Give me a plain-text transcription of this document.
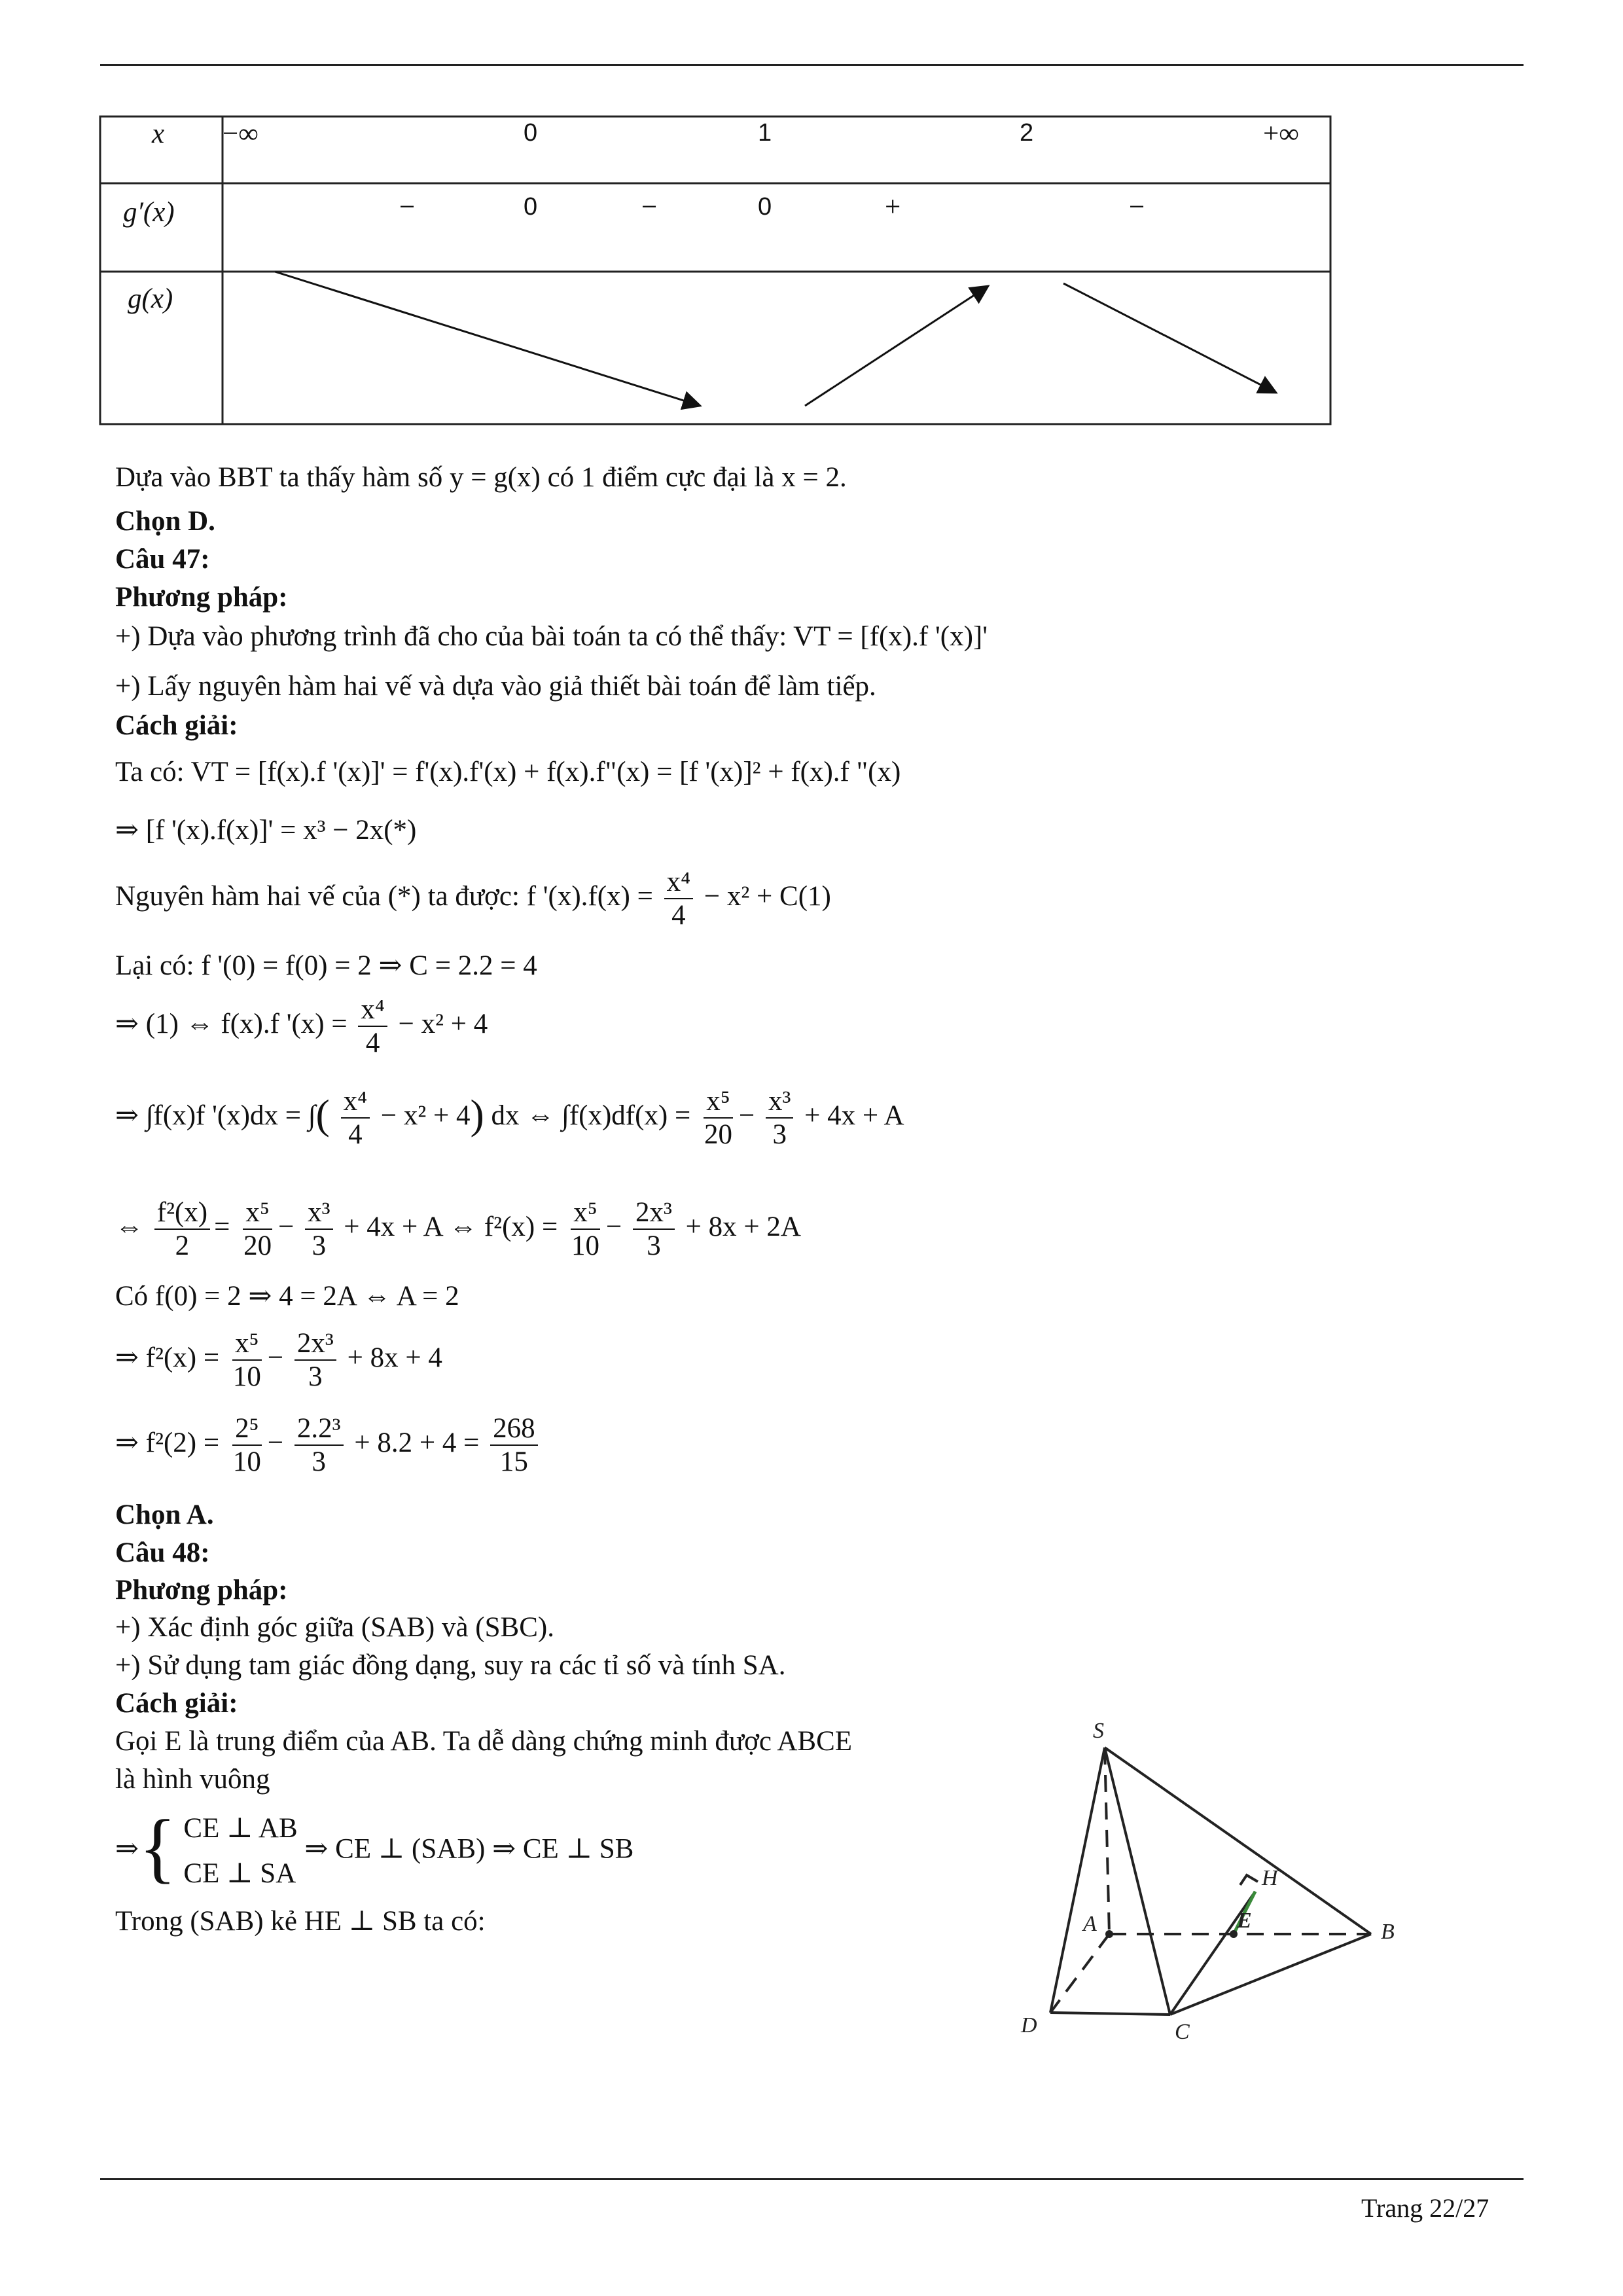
x −∞	0	1	2	+∞
g′(x)	−	0	−	0	+	−
g(x)
Dựa vào BBT ta thấy hàm số y = g(x) có 1 điểm cực đại là x = 2.
Chọn D.
Câu 47:
Phương pháp:
+) Dựa vào phương trình đã cho của bài toán ta có thể thấy: VT = [f(x).f '(x)]'
+) Lấy nguyên hàm hai vế và dựa vào giả thiết bài toán để làm tiếp.
Cách giải:
Ta có: VT = [f(x).f '(x)]' = f'(x).f'(x) + f(x).f"(x) = [f '(x)]² + f(x).f "(x)
⇒ [f '(x).f(x)]' = x³ − 2x(*)
Nguyên hàm hai vế của (*) ta được: f '$(x).f(x) = \frac{\text{x⁴}}{4} - x^2 + C(1)$
Lại có: f '(0) = f(0) = 2 ⇒ C = 2.2 = 4
⇒ (1) ⇔ f(x).f '$(x) = \frac{\text{x⁴}}{4} - x^2 + 4$
⇒ ∫f(x)f '(x)dx = ∫( $\frac{\text{x⁴}}{4} - x^2 + 4$) dx ⇔ $\int f(x)df(x) = \frac{\text{x⁵}}{20} - \frac{\text{x³}}{3} + 4x + A$
⇔ $\frac{\text{f²(x)}}{2} = \frac{\text{x⁵}}{20} - \frac{\text{x³}}{3} + 4x + A$ ⇔ $f^2(x) = \frac{\text{x⁵}}{10} - \frac{\text{2x³}}{3} + 8x + 2A$
Có f(0) = 2 ⇒ 4 = 2A ⇔ A = 2
⇒ $f^2(x) = \frac{\text{x⁵}}{10} - \frac{\text{2x³}}{3} + 8x + 4$
⇒ $f^2(2) = \frac{\text{2⁵}}{10} - \frac{\text{2.2³}}{3} + 8.2 + 4 = \frac{268}{15}$
Chọn A.
Câu 48:
Phương pháp:
+) Xác định góc giữa (SAB) và (SBC).
+) Sử dụng tam giác đồng dạng, suy ra các tỉ số và tính SA.
Cách giải:
Gọi E là trung điểm của AB. Ta dễ dàng chứng minh được ABCE
là hình vuông
⇒{ CE ⊥ AB
CE ⊥ SA
⇒ CE ⊥ (SAB) ⇒ CE ⊥ SB
Trong (SAB) kẻ HE ⊥ SB ta có:
S
H
A	E	B
D	C
Trang 22/27
